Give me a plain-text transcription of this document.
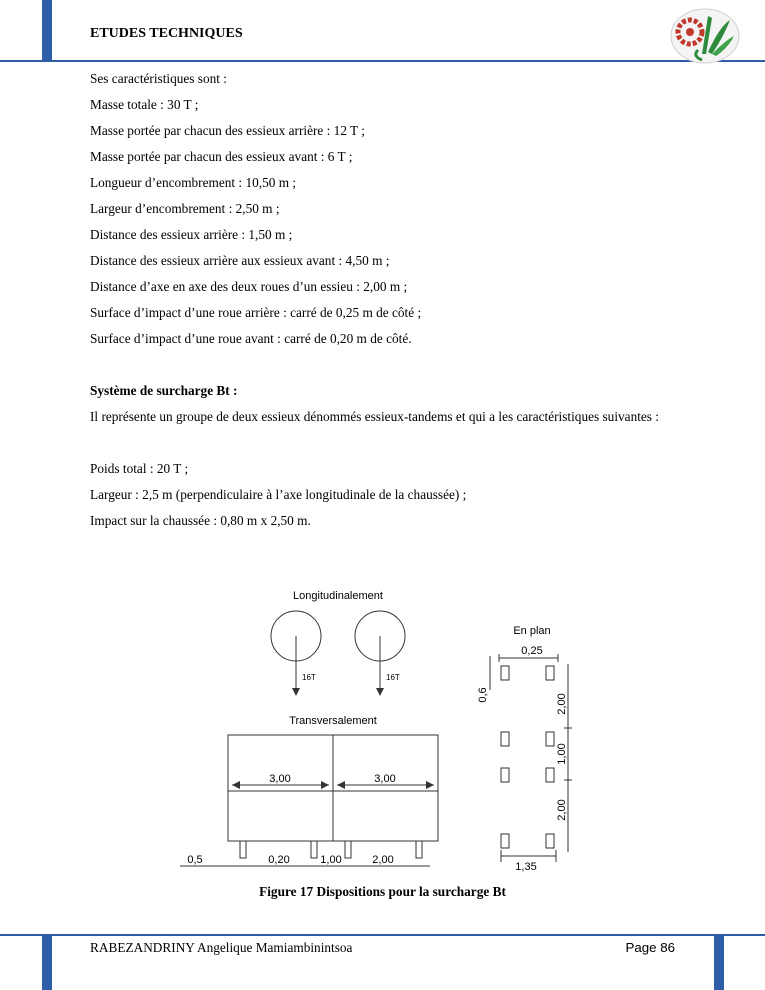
ETUDES TECHNIQUES

Ses caractéristiques sont :

Masse totale : 30 T ;

Masse portée par chacun des essieux arrière : 12 T ;

Masse portée par chacun des essieux avant : 6 T ;

Longueur d’encombrement : 10,50 m ;

Largeur d’encombrement : 2,50 m ;

Distance des essieux arrière : 1,50 m ;

Distance des essieux arrière aux essieux avant : 4,50 m ;

Distance d’axe en axe des deux roues d’un essieu : 2,00 m ;

Surface d’impact d’une roue arrière : carré de 0,25 m de côté ;

Surface d’impact d’une roue avant : carré de 0,20 m de côté.

Système de surcharge Bt :

Il représente un groupe de deux essieux dénommés essieux-tandems et qui a les caractéristiques suivantes :

Poids total : 20 T ;

Largeur : 2,5 m (perpendiculaire à l’axe longitudinale de la chaussée) ;

Impact sur la chaussée : 0,80 m x 2,50 m.

Longitudinalement
16T	16T
Transversalement
3,00	3,00
0,5	0,20	1,00	2,00
En plan
0,25
0,6	2,00
1,00
2,00
1,35
Figure 17 Dispositions pour la surcharge Bt
RABEZANDRINY Angelique Mamiambinintsoa	Page 86
